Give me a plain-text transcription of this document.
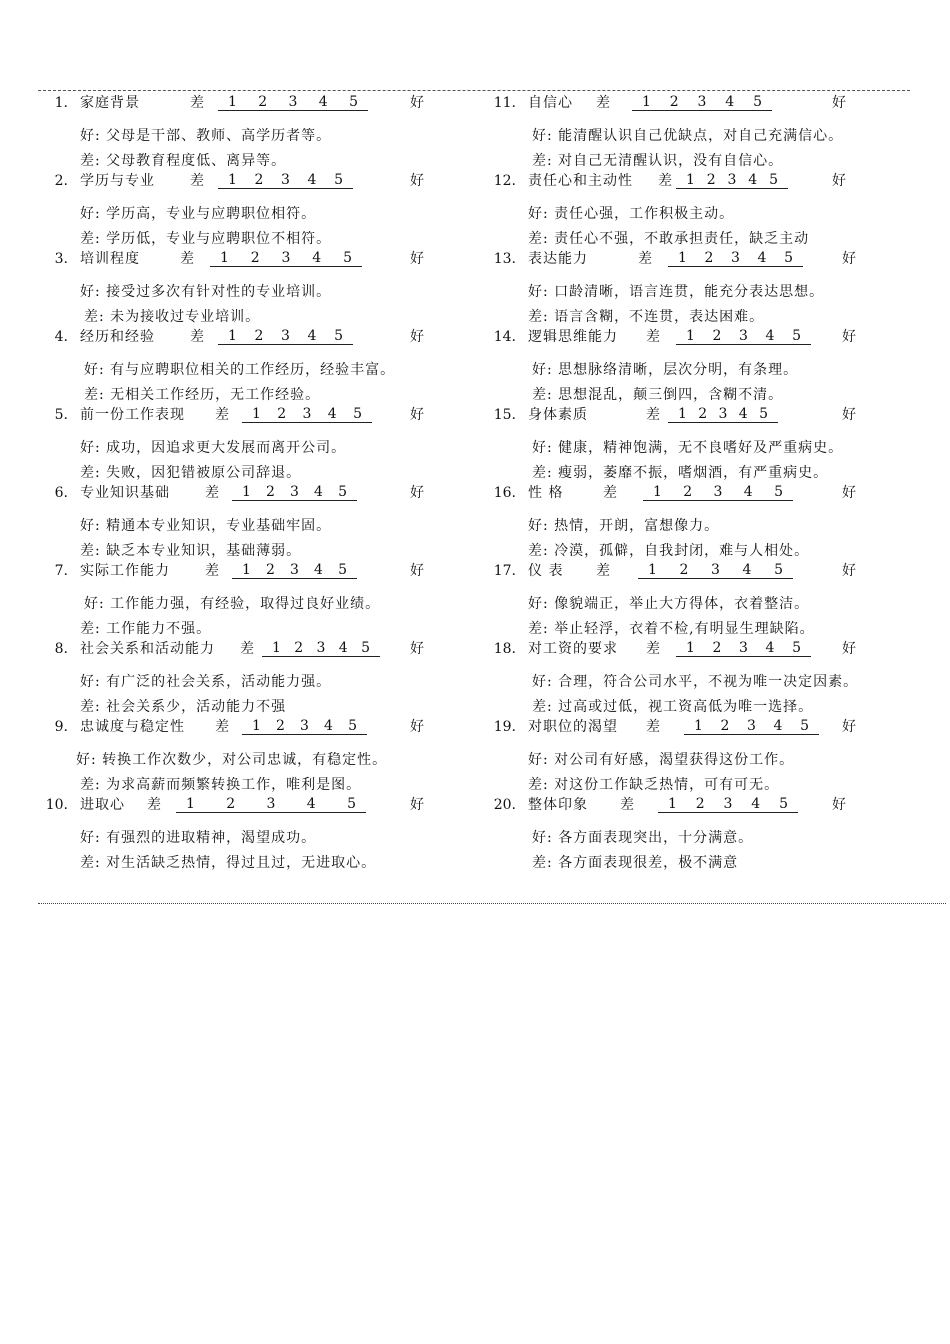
1. 家庭背景	差 1 2 3 4 5	好
好: 父母是干部、教师、高学历者等。
差: 父母教育程度低、离异等。
2. 学历与专业	差 1 2 3 4 5	好
好: 学历高，专业与应聘职位相符。
差: 学历低，专业与应聘职位不相符。
3. 培训程度	差 1 2 3 4 5	好
好: 接受过多次有针对性的专业培训。
差: 未为接收过专业培训。
4. 经历和经验	差 1 2 3 4 5	好
好: 有与应聘职位相关的工作经历，经验丰富。
差: 无相关工作经历，无工作经验。
5. 前一份工作表现 差 1 2 3 4 5	好
好: 成功，因追求更大发展而离开公司。
差: 失败，因犯错被原公司辞退。
6. 专业知识基础	差 1 2 3 4 5	好
好: 精通本专业知识，专业基础牢固。
差: 缺乏本专业知识，基础薄弱。
7. 实际工作能力	差 1 2 3 4 5	好
好: 工作能力强，有经验，取得过良好业绩。
差: 工作能力不强。
8. 社会关系和活动能力 差 1 2 3 4 5	好
好: 有广泛的社会关系，活动能力强。
差: 社会关系少，活动能力不强
9. 忠诚度与稳定性 差 1 2 3 4 5	好
好: 转换工作次数少，对公司忠诚，有稳定性。
差: 为求高薪而频繁转换工作，唯利是图。
10. 进取心 差 1 2 3 4 5	好
好: 有强烈的进取精神，渴望成功。
差: 对生活缺乏热情，得过且过，无进取心。
11. 自信心 差 1 2 3 4 5	好
好: 能清醒认识自己优缺点，对自己充满信心。
差: 对自己无清醒认识，没有自信心。
12. 责任心和主动性 差 1 2 3 4 5	好
好: 责任心强，工作积极主动。
差: 责任心不强，不敢承担责任，缺乏主动
13. 表达能力	差 1 2 3 4 5	好
好: 口龄清晰，语言连贯，能充分表达思想。
差: 语言含糊，不连贯，表达困难。
14. 逻辑思维能力 差 1 2 3 4 5	好
好: 思想脉络清晰，层次分明，有条理。
差: 思想混乱，颠三倒四，含糊不清。
15. 身体素质	差 1 2 3 4 5	好
好: 健康，精神饱满，无不良嗜好及严重病史。
差: 瘦弱，萎靡不振，嗜烟酒，有严重病史。
16. 性 格	差	1 2 3 4 5	好
好: 热情，开朗，富想像力。
差: 冷漠，孤僻，自我封闭，难与人相处。
17. 仪 表 差	1 2 3 4 5	好
好: 像貌端正，举止大方得体，衣着整洁。
差: 举止轻浮，衣着不检,有明显生理缺陷。
18. 对工资的要求 差 1 2 3 4 5	好
好: 合理，符合公司水平，不视为唯一决定因素。
差: 过高或过低，视工资高低为唯一选择。
19. 对职位的渴望 差 1 2 3 4 5 好
好: 对公司有好感，渴望获得这份工作。
差: 对这份工作缺乏热情，可有可无。
20. 整体印象 差 1 2 3 4 5	好
好: 各方面表现突出，十分满意。
差: 各方面表现很差，极不满意
